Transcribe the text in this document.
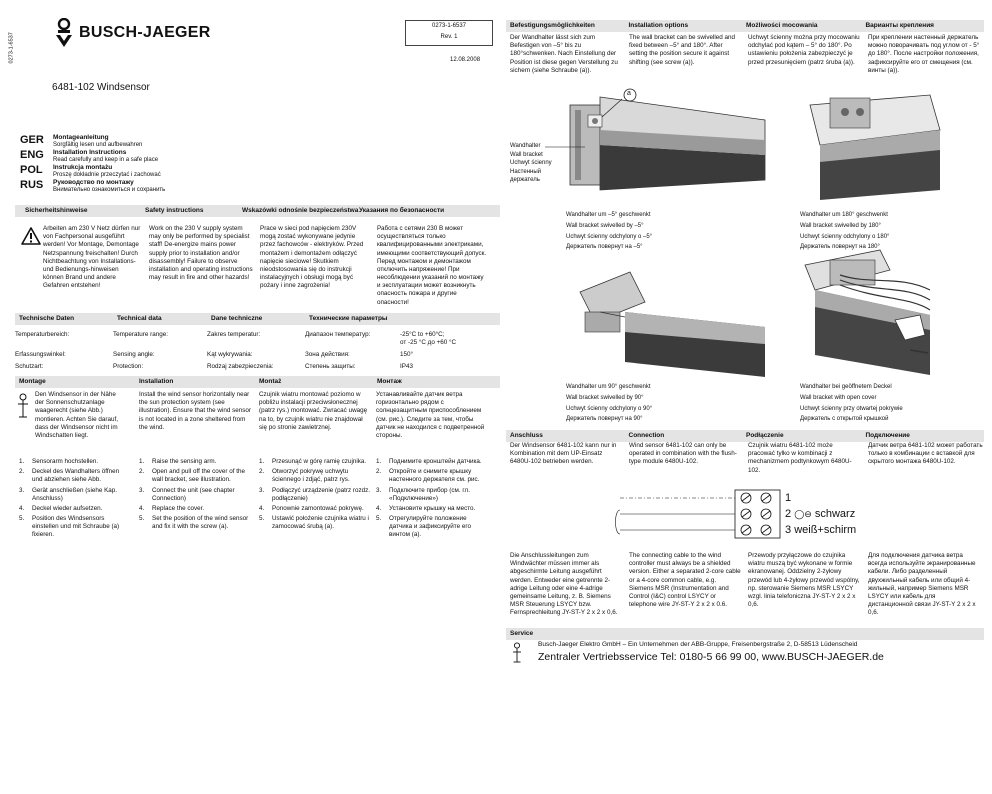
0273-1-6537	BUSCH-JAEGER	0273-1-6537
Rev. 1
12.08.2008
6481-102 Windsensor
GER	Montageanleitung
Sorgfältig lesen und aufbewahren
ENG	Installation Instructions
Read carefully and keep in a safe place
POL	Instrukcja montażu
Proszę dokładnie przeczytać i zachować
RUS	Руководство по монтажу
Внимательно ознакомиться и сохранить
Sicherheitshinweise	Safety instructions	Wskazówki odnośnie bezpieczeństwa Указания по безопасности
Arbeiten am 230 V Netz dürfen nur von Fachpersonal ausgeführt werden! Vor Montage, Demontage Netzspannung freischalten! Durch Nichtbeachtung von Installations- und Bedienungs-hinweisen können Brand und andere Gefahren entstehen!
Work on the 230 V supply system may only be performed by specialist staff! De-energize mains power supply prior to installation and/or disassembly! Failure to observe installation and operating instructions may result in fire and other hazards!
Prace w sieci pod napięciem 230V mogą zostać wykonywane jedynie przez fachowców - elektryków. Przed montażem i demontażem odłączyć napięcie sieciowe! Skutkiem nieodstosowania się do instrukcji instalacyjnych i obsługi mogą być pożary i inne zagrożenia!
Работа с сетями 230 В может осуществляться только квалифицированными электриками, имеющими соответствующий допуск. Перед монтажом и демонтажом отключить напряжение! При несоблюдении указаний по монтажу и эксплуатации может возникнуть опасность пожара и другие опасности!
Technische Daten	Technical data	Dane techniczne	Технические параметры
Temperaturbereich:	Temperature range:	Zakres temperatur:	Диапазон температур:	-25°C to +60°C;
от -25 °C до +60 °C
Erfassungswinkel:	Sensing angle:	Kąt wykrywania:	Зона действия:	150°
Schutzart:	Protection:	Rodzaj zabezpieczenia:	Степень защиты:	IP43
Montage	Installation	Montaż	Монтаж
Den Windsensor in der Nähe der Sonnenschutzanlage waagerecht (siehe Abb.) montieren. Achten Sie darauf, dass der Windsensor nicht im Windschatten liegt.
Install the wind sensor horizontally near the sun protection system (see illustration). Ensure that the wind sensor is not located in a zone sheltered from the wind.
Czujnik wiatru montować poziomo w pobliżu instalacji przeciwsłonecznej (patrz rys.) montować. Zwracać uwagę na to, by czujnik wiatru nie znajdował się po stronie zawietrznej.
Устанавливайте датчик ветра горизонтально рядом с солнцезащитным приспособлением (см. рис.). Следите за тем, чтобы датчик не находился с подветренной стороны.
1.	Sensorarm hochstellen.
2.	Deckel des Wandhalters öffnen und abziehen siehe Abb.
3.	Gerät anschließen (siehe Kap. Anschluss)
4.	Deckel wieder aufsetzen.
5.	Position des Windsensors einstellen und mit Schraube (a) fixieren.
1.	Raise the sensing arm.
2.	Open and pull off the cover of the wall bracket, see illustration.
3.	Connect the unit (see chapter Connection)
4.	Replace the cover.
5.	Set the position of the wind sensor and fix it with the screw (a).
1.	Przesunąć w górę ramię czujnika.
2.	Otworzyć pokrywę uchwytu ściennego i zdjąć, patrz rys.
3.	Podłączyć urządzenie (patrz rozdz. podłączenie)
4.	Ponownie zamontować pokrywę.
5.	Ustawić położenie czujnika wiatru i zamocować śrubą (a).
1.	Поднимите кронштейн датчика.
2.	Откройте и снимите крышку настенного держателя см. рис.
3.	Подключите прибор (см. гл. «Подключение»)
4.	Установите крышку на место.
5.	Отрегулируйте положение датчика и зафиксируйте его винтом (a).
Befestigungsmöglichkeiten	Installation options	Możliwości mocowania	Варианты крепления
Der Wandhalter lässt sich zum Befestigen von –5° bis zu 180°schwenken. Nach Einstellung der Position ist diese gegen Verstellung zu sichern (siehe Schraube (a)).
The wall bracket can be swivelled and fixed between –5° and 180°. After setting the position secure it against shifting (see screw (a)).
Uchwyt ścienny można przy mocowaniu odchylać pod kątem – 5° do 180°. Po ustawieniu położenia zabezpieczyć je przed przesunięciem (patrz śruba (a)).
При креплении настенный держатель можно поворачивать под углом от - 5° до 180°. После настройки положения, зафиксируйте его от смещения (см. винты (а)).
a
Wandhalter
Wall bracket
Uchwyt ścienny
Настенный держатель

Wandhalter um –5° geschwenkt

Wall bracket swivelled by –5°

Uchwyt ścienny odchylony o –5°

Держатель повернут на –5°

Wandhalter um 180° geschwenkt

Wall bracket swivelled by 180°

Uchwyt ścienny odchylony o 180°

Держатель повернут на 180°

Wandhalter um 90° geschwenkt

Wall bracket swivelled by 90°

Uchwyt ścienny odchylony o 90°

Держатель повернут на 90°

Wandhalter bei geöffnetem Deckel

Wall bracket with open cover

Uchwyt ścienny przy otwartej pokrywie

Держатель с открытой крышкой

Anschluss	Connection	Podłączenie	Подключение
Der Windsensor 6481-102 kann nur in Kombination mit dem UP-Einsatz 6480U-102 betrieben werden.
Wind sensor 6481-102 can only be operated in combination with the flush-type module 6480U-102.
Czujnik wiatru 6481-102 może pracować tylko w kombinacji z mechanizmem podtynkowym 6480U-102.
Датчик ветра 6481-102 может работать только в комбинации с вставкой для скрытого монтажа 6480U-102.
1
2 ◯⊖ schwarz
3 weiß+schirm
Die Anschlussleitungen zum Windwächter müssen immer als abgeschirmte Leitung ausgeführt werden. Entweder eine getrennte 2-adrige Leitung oder eine 4-adrige gemeinsame Leitung, z. B. Siemens MSR Steuerung LSYCY bzw. Fernsprechleitung JY-ST-Y 2 x 2 x 0,6.
The connecting cable to the wind controller must always be a shielded version. Either a separated 2-core cable or a 4-core common cable, e.g. Siemens MSR (Instrumentation and Control (I&C) control LSYCY or telephone wire JY-ST-Y 2 x 2 x 0.6.
Przewody przyłączowe do czujnika wiatru muszą być wykonane w formie ekranowanej. Oddzielny 2-żyłowy przewód lub 4-żyłowy przewód wspólny, np. sterowanie Siemens MSR LSYCY wzgl. linia telefoniczna JY-ST-Y 2 x 2 x 0,6.
Для подключения датчика ветра всегда используйте экранированные кабели. Либо разделенный двухжильный кабель или общий 4-жильный, например Siemens MSR LSYCY или кабель для дистанционной связи JY-ST-Y 2 x 2 x 0,6.
Service
Busch-Jaeger Elektro GmbH – Ein Unternehmen der ABB-Gruppe, Freisenbergstraße 2, D-58513 Lüdenscheid
Zentraler Vertriebsservice Tel: 0180-5 66 99 00, www.BUSCH-JAEGER.de
